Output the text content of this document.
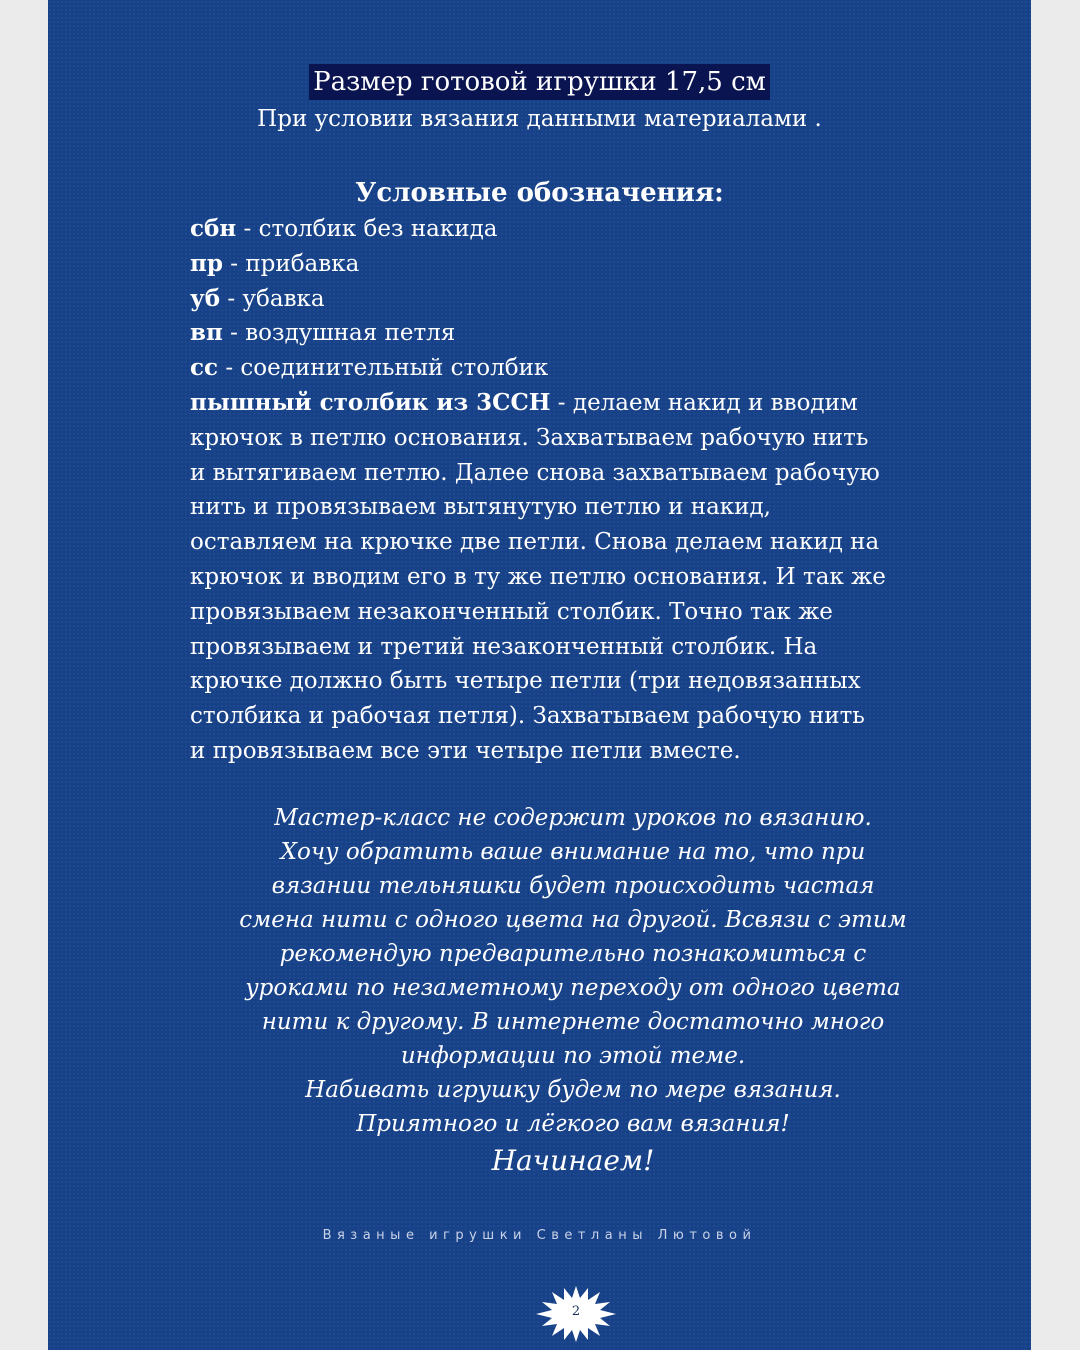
Размер готовой игрушки 17,5 см
При условии вязания данными материалами .
Условные обозначения:
сбн - столбик без накида
пр - прибавка
уб - убавка
вп - воздушная петля
сс - соединительный столбик
пышный столбик из 3ССН - делаем накид и вводим
крючок в петлю основания. Захватываем рабочую нить
и вытягиваем петлю. Далее снова захватываем рабочую
нить и провязываем вытянутую петлю и накид,
оставляем на крючке две петли. Снова делаем накид на
крючок и вводим его в ту же петлю основания. И так же
провязываем незаконченный столбик. Точно так же
провязываем и третий незаконченный столбик. На
крючке должно быть четыре петли (три недовязанных
столбика и рабочая петля). Захватываем рабочую нить
и провязываем все эти четыре петли вместе.
Мастер-класс не содержит уроков по вязанию.
Хочу обратить ваше внимание на то, что при
вязании тельняшки будет происходить частая
смена нити с одного цвета на другой. Всвязи с этим
рекомендую предварительно познакомиться с
уроками по незаметному переходу от одного цвета
нити к другому. В интернете достаточно много
информации по этой теме.
Набивать игрушку будем по мере вязания.
Приятного и лёгкого вам вязания!
Начинаем!
Вязаные игрушки Светланы Лютовой
2
